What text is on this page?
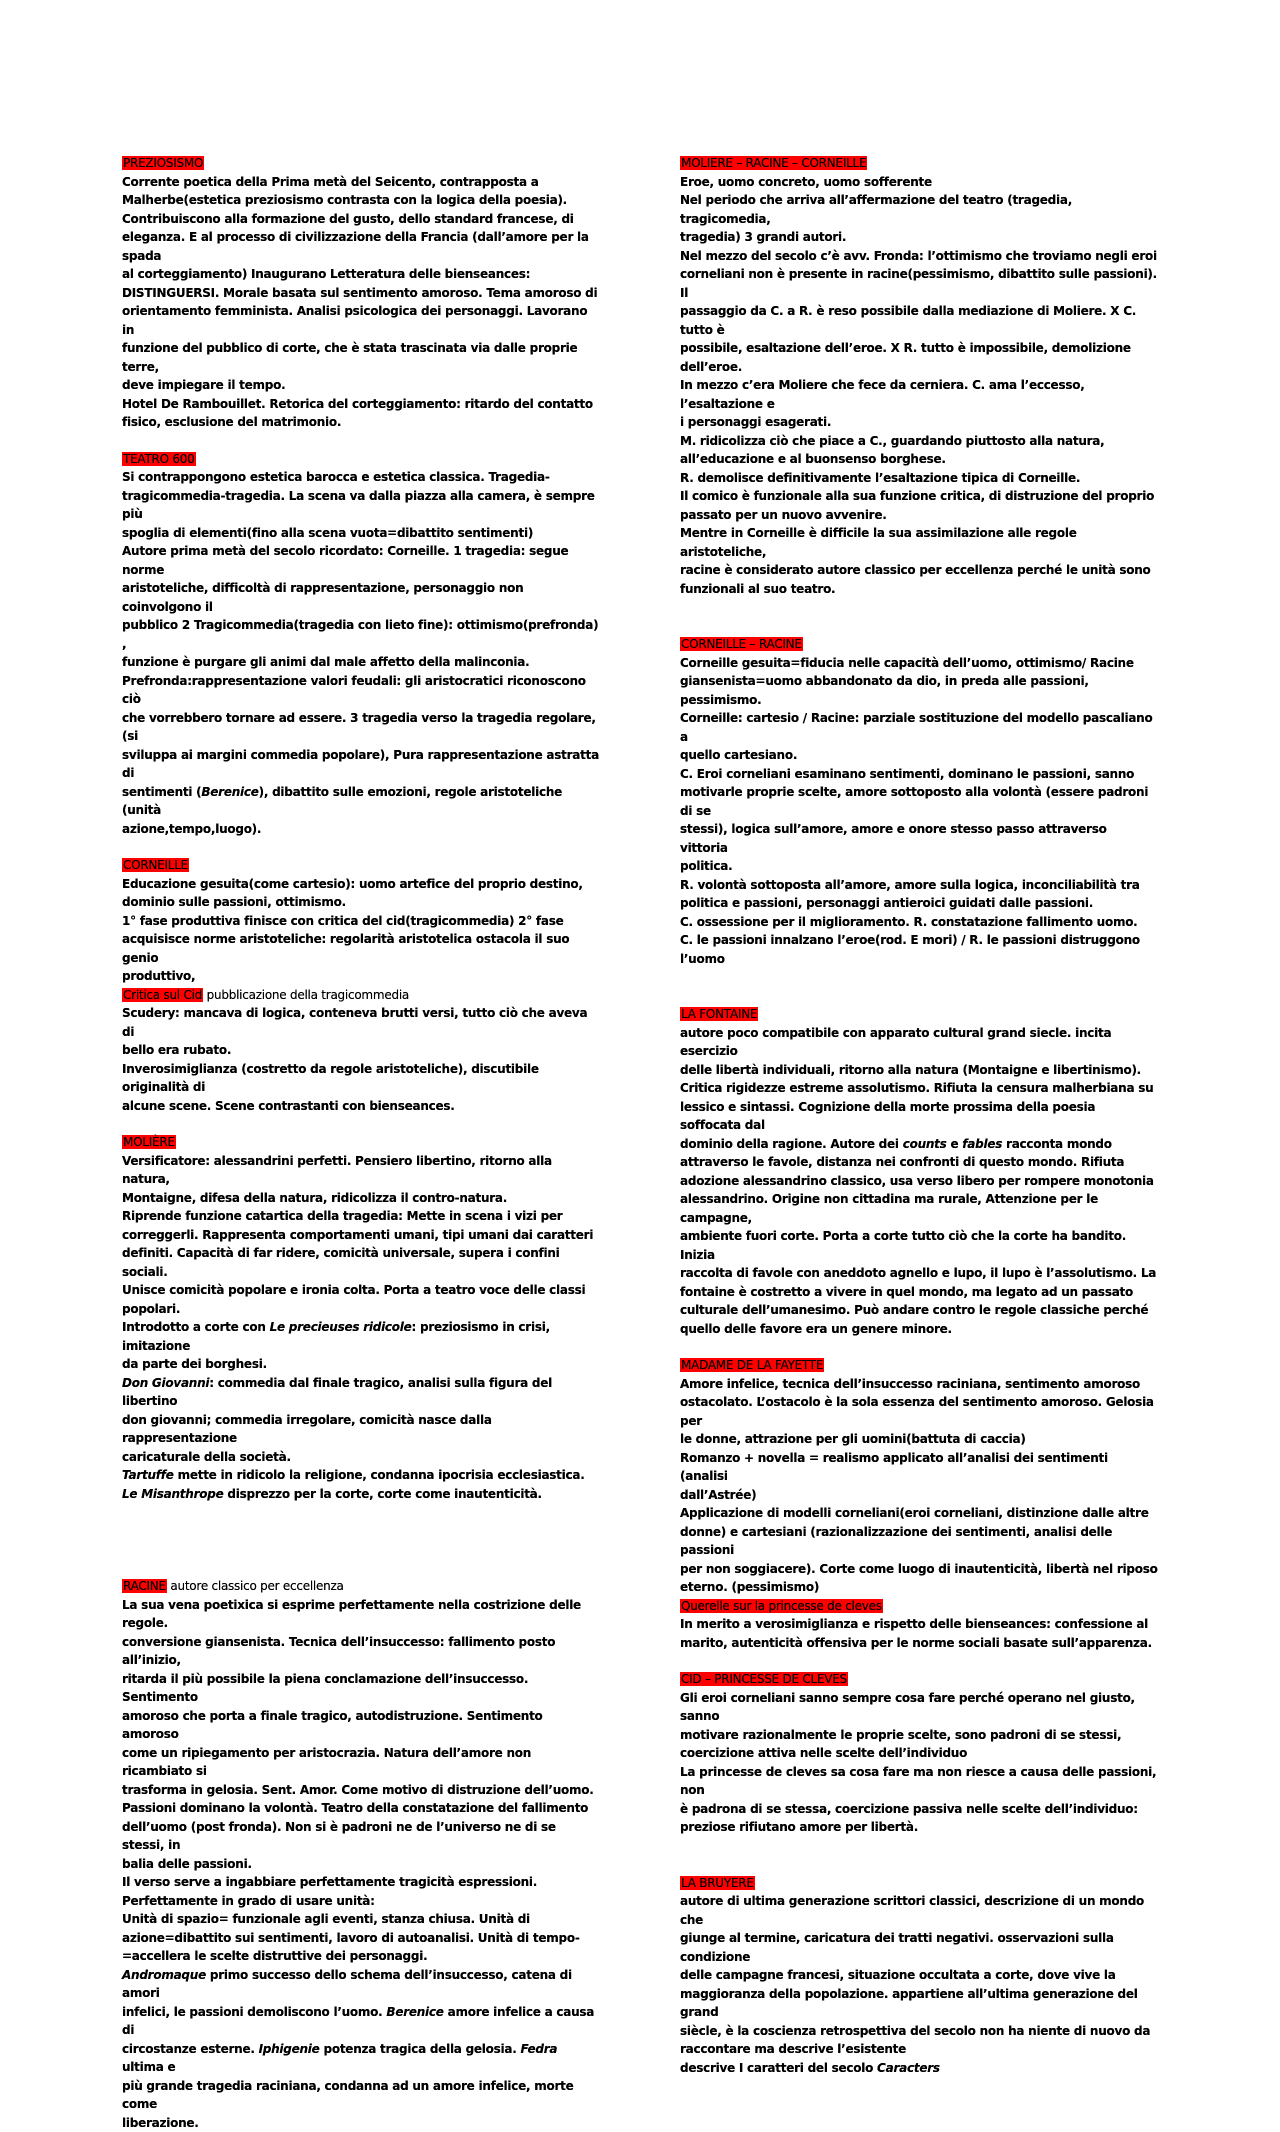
PREZIOSISMO

Corrente poetica della Prima metà del Seicento, contrapposta a

Malherbe(estetica preziosismo contrasta con la logica della poesia).

Contribuiscono alla formazione del gusto, dello standard francese, di

eleganza. E al processo di civilizzazione della Francia (dall’amore per la spada

al corteggiamento) Inaugurano Letteratura delle bienseances:

DISTINGUERSI. Morale basata sul sentimento amoroso. Tema amoroso di

orientamento femminista. Analisi psicologica dei personaggi. Lavorano in

funzione del pubblico di corte, che è stata trascinata via dalle proprie terre,

deve impiegare il tempo.

Hotel De Rambouillet. Retorica del corteggiamento: ritardo del contatto

fisico, esclusione del matrimonio.

TEATRO 600

Si contrappongono estetica barocca e estetica classica. Tragedia-

tragicommedia-tragedia. La scena va dalla piazza alla camera, è sempre più

spoglia di elementi(fino alla scena vuota=dibattito sentimenti)

Autore prima metà del secolo ricordato: Corneille. 1 tragedia: segue norme

aristoteliche, difficoltà di rappresentazione, personaggio non coinvolgono il

pubblico 2 Tragicommedia(tragedia con lieto fine): ottimismo(prefronda) ,

funzione è purgare gli animi dal male affetto della malinconia.

Prefronda:rappresentazione valori feudali: gli aristocratici riconoscono ciò

che vorrebbero tornare ad essere. 3 tragedia verso la tragedia regolare, (si

sviluppa ai margini commedia popolare), Pura rappresentazione astratta di

sentimenti (Berenice), dibattito sulle emozioni, regole aristoteliche (unità

azione,tempo,luogo).

CORNEILLE

Educazione gesuita(come cartesio): uomo artefice del proprio destino,

dominio sulle passioni, ottimismo.

1° fase produttiva finisce con critica del cid(tragicommedia) 2° fase

acquisisce norme aristoteliche: regolarità aristotelica ostacola il suo genio

produttivo,

Critica sul Cid pubblicazione della tragicommedia

Scudery: mancava di logica, conteneva brutti versi, tutto ciò che aveva di

bello era rubato.

Inverosimiglianza (costretto da regole aristoteliche), discutibile originalità di

alcune scene. Scene contrastanti con bienseances.

MOLIÈRE

Versificatore: alessandrini perfetti. Pensiero libertino, ritorno alla natura,

Montaigne, difesa della natura, ridicolizza il contro-natura.

Riprende funzione catartica della tragedia: Mette in scena i vizi per

correggerli. Rappresenta comportamenti umani, tipi umani dai caratteri

definiti. Capacità di far ridere, comicità universale, supera i confini sociali.

Unisce comicità popolare e ironia colta. Porta a teatro voce delle classi

popolari.

Introdotto a corte con Le precieuses ridicole: preziosismo in crisi, imitazione

da parte dei borghesi.

Don Giovanni: commedia dal finale tragico, analisi sulla figura del libertino

don giovanni; commedia irregolare, comicità nasce dalla rappresentazione

caricaturale della società.

Tartuffe mette in ridicolo la religione, condanna ipocrisia ecclesiastica.

Le Misanthrope disprezzo per la corte, corte come inautenticità.

RACINE autore classico per eccellenza

La sua vena poetixica si esprime perfettamente nella costrizione delle

regole.

conversione giansenista. Tecnica dell’insuccesso: fallimento posto all’inizio,

ritarda il più possibile la piena conclamazione dell’insuccesso. Sentimento

amoroso che porta a finale tragico, autodistruzione. Sentimento amoroso

come un ripiegamento per aristocrazia. Natura dell’amore non ricambiato si

trasforma in gelosia. Sent. Amor. Come motivo di distruzione dell’uomo.

Passioni dominano la volontà. Teatro della constatazione del fallimento

dell’uomo (post fronda). Non si è padroni ne de l’universo ne di se stessi, in

balia delle passioni.

Il verso serve a ingabbiare perfettamente tragicità espressioni.

Perfettamente in grado di usare unità:

Unità di spazio= funzionale agli eventi, stanza chiusa. Unità di

azione=dibattito sui sentimenti, lavoro di autoanalisi. Unità di tempo-

=accellera le scelte distruttive dei personaggi.

Andromaque primo successo dello schema dell’insuccesso, catena di amori

infelici, le passioni demoliscono l’uomo. Berenice amore infelice a causa di

circostanze esterne. Iphigenie potenza tragica della gelosia. Fedra ultima e

più grande tragedia raciniana, condanna ad un amore infelice, morte come

liberazione.

MOLIERE – RACINE – CORNEILLE

Eroe, uomo concreto, uomo sofferente

Nel periodo che arriva all’affermazione del teatro (tragedia, tragicomedia,

tragedia) 3 grandi autori.

Nel mezzo del secolo c’è avv. Fronda: l’ottimismo che troviamo negli eroi

corneliani non è presente in racine(pessimismo, dibattito sulle passioni). Il

passaggio da C. a R. è reso possibile dalla mediazione di Moliere. X C. tutto è

possibile, esaltazione dell’eroe. X R. tutto è impossibile, demolizione

dell’eroe.

In mezzo c’era Moliere che fece da cerniera. C. ama l’eccesso, l’esaltazione e

i personaggi esagerati.

M. ridicolizza ciò che piace a C., guardando piuttosto alla natura,

all’educazione e al buonsenso borghese.

R. demolisce definitivamente l’esaltazione tipica di Corneille.

Il comico è funzionale alla sua funzione critica, di distruzione del proprio

passato per un nuovo avvenire.

Mentre in Corneille è difficile la sua assimilazione alle regole aristoteliche,

racine è considerato autore classico per eccellenza perché le unità sono

funzionali al suo teatro.

CORNEILLE – RACINE

Corneille gesuita=fiducia nelle capacità dell’uomo, ottimismo/ Racine

giansenista=uomo abbandonato da dio, in preda alle passioni, pessimismo.

Corneille: cartesio / Racine: parziale sostituzione del modello pascaliano a

quello cartesiano.

C. Eroi corneliani esaminano sentimenti, dominano le passioni, sanno

motivarle proprie scelte, amore sottoposto alla volontà (essere padroni di se

stessi), logica sull’amore, amore e onore stesso passo attraverso vittoria

politica.

R. volontà sottoposta all’amore, amore sulla logica, inconciliabilità tra

politica e passioni, personaggi antieroici guidati dalle passioni.

C. ossessione per il miglioramento. R. constatazione fallimento uomo.

C. le passioni innalzano l’eroe(rod. E mori) / R. le passioni distruggono

l’uomo

LA FONTAINE

autore poco compatibile con apparato cultural grand siecle. incita esercizio

delle libertà individuali, ritorno alla natura (Montaigne e libertinismo).

Critica rigidezze estreme assolutismo. Rifiuta la censura malherbiana su

lessico e sintassi. Cognizione della morte prossima della poesia soffocata dal

dominio della ragione. Autore dei counts e fables racconta mondo

attraverso le favole, distanza nei confronti di questo mondo. Rifiuta

adozione alessandrino classico, usa verso libero per rompere monotonia

alessandrino. Origine non cittadina ma rurale, Attenzione per le campagne,

ambiente fuori corte. Porta a corte tutto ciò che la corte ha bandito. Inizia

raccolta di favole con aneddoto agnello e lupo, il lupo è l’assolutismo. La

fontaine è costretto a vivere in quel mondo, ma legato ad un passato

culturale dell’umanesimo. Può andare contro le regole classiche perché

quello delle favore era un genere minore.

MADAME DE LA FAYETTE

Amore infelice, tecnica dell’insuccesso raciniana, sentimento amoroso

ostacolato. L’ostacolo è la sola essenza del sentimento amoroso. Gelosia per

le donne, attrazione per gli uomini(battuta di caccia)

Romanzo + novella = realismo applicato all’analisi dei sentimenti (analisi

dall’Astrée)

Applicazione di modelli corneliani(eroi corneliani, distinzione dalle altre

donne) e cartesiani (razionalizzazione dei sentimenti, analisi delle passioni

per non soggiacere). Corte come luogo di inautenticità, libertà nel riposo

eterno. (pessimismo)

Querelle sur la princesse de cleves

In merito a verosimiglianza e rispetto delle bienseances: confessione al

marito, autenticità offensiva per le norme sociali basate sull’apparenza.

CID – PRINCESSE DE CLEVES

Gli eroi corneliani sanno sempre cosa fare perché operano nel giusto, sanno

motivare razionalmente le proprie scelte, sono padroni di se stessi,

coercizione attiva nelle scelte dell’individuo

La princesse de cleves sa cosa fare ma non riesce a causa delle passioni, non

è padrona di se stessa, coercizione passiva nelle scelte dell’individuo:

preziose rifiutano amore per libertà.

LA BRUYERE

autore di ultima generazione scrittori classici, descrizione di un mondo che

giunge al termine, caricatura dei tratti negativi. osservazioni sulla condizione

delle campagne francesi, situazione occultata a corte, dove vive la

maggioranza della popolazione. appartiene all’ultima generazione del grand

siècle, è la coscienza retrospettiva del secolo non ha niente di nuovo da

raccontare ma descrive l’esistente

descrive I caratteri del secolo Caracters
